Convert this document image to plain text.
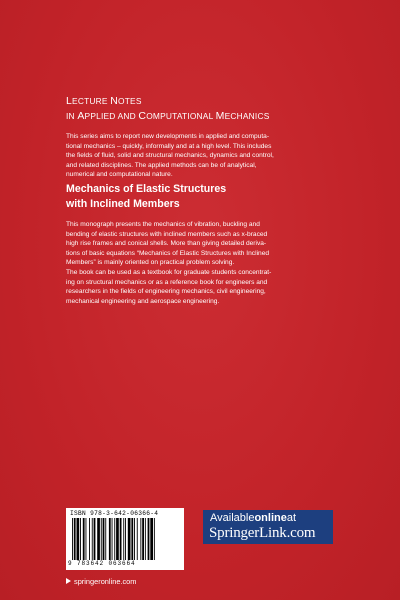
LECTURE NOTES
IN APPLIED AND COMPUTATIONAL MECHANICS
This series aims to report new developments in applied and computa-
tional mechanics – quickly, informally and at a high level. This includes
the fields of fluid, solid and structural mechanics, dynamics and control,
and related disciplines. The applied methods can be of analytical,
numerical and computational nature.
Mechanics of Elastic Structures
with Inclined Members
This monograph presents the mechanics of vibration, buckling and
bending of elastic structures with inclined members such as x-braced
high rise frames and conical shells. More than giving detailed deriva-
tions of basic equations “Mechanics of Elastic Structures with Inclined
Members” is mainly oriented on practical problem solving.
The book can be used as a textbook for graduate students concentrat-
ing on structural mechanics or as a reference book for engineers and
researchers in the fields of engineering mechanics, civil engineering,
mechanical engineering and aerospace engineering.
ISBN 978-3-642-06366-4
9 783642 063664
Availableonlineat
SpringerLink.com
springeronline.com
